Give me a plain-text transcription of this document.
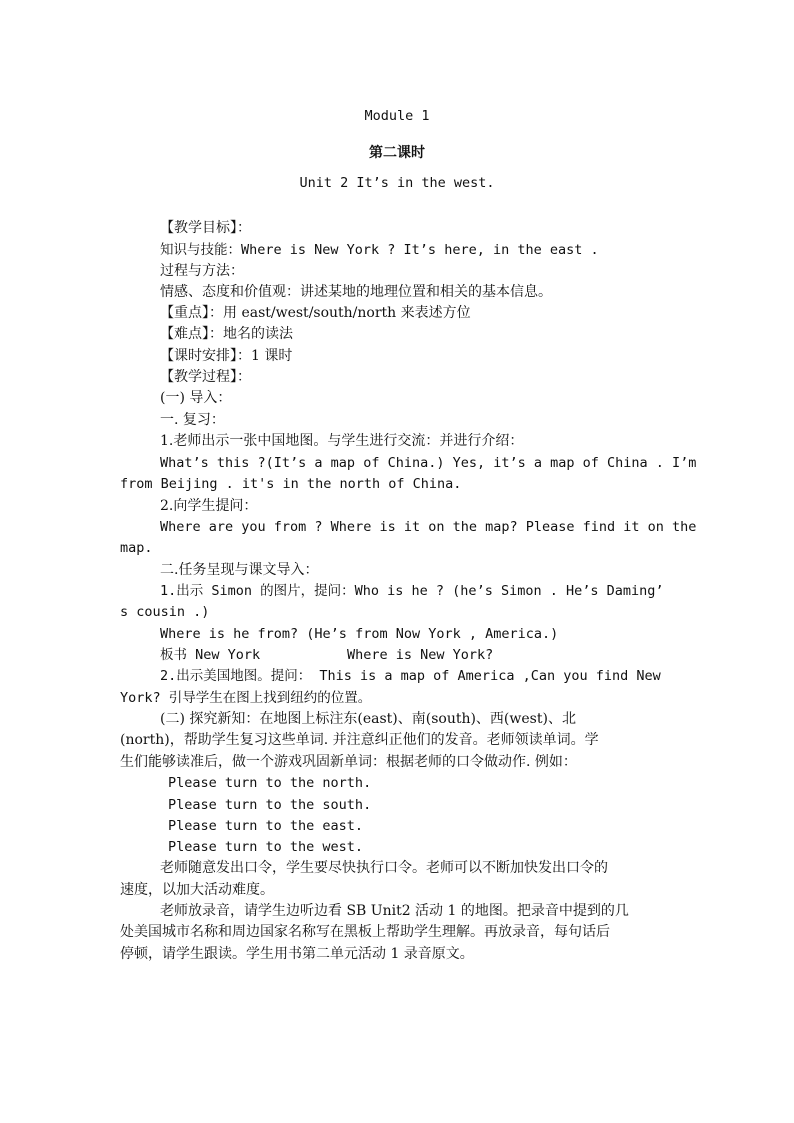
Module 1
第二课时
Unit 2 It’s in the west.
【教学目标】：
知识与技能：Where is New York ? It’s here, in the east .
过程与方法：
情感、态度和价值观：讲述某地的地理位置和相关的基本信息。
【重点】：用 east/west/south/north 来表述方位
【难点】：地名的读法
【课时安排】：1 课时
【教学过程】：
(一) 导入：
一. 复习：
1.老师出示一张中国地图。与学生进行交流：并进行介绍：
What’s this ?(It’s a map of China.) Yes, it’s a map of China . I’m
from Beijing . it's in the north of China.
2.向学生提问：
Where are you from ? Where is it on the map? Please find it on the
map.
二.任务呈现与课文导入：
1.出示 Simon 的图片，提问：Who is he ? (he’s Simon . He’s Daming’
s cousin .)
Where is he from? (He’s from Now York , America.)
板书 New York	Where is New York?
2.出示美国地图。提问： This is a map of America ,Can you find New
York? 引导学生在图上找到纽约的位置。
(二) 探究新知：在地图上标注东(east)、南(south)、西(west)、北
(north)，帮助学生复习这些单词. 并注意纠正他们的发音。老师领读单词。学
生们能够读准后，做一个游戏巩固新单词：根据老师的口令做动作. 例如：
Please turn to the north.
Please turn to the south.
Please turn to the east.
Please turn to the west.
老师随意发出口令，学生要尽快执行口令。老师可以不断加快发出口令的
速度，以加大活动难度。
老师放录音，请学生边听边看 SB Unit2 活动 1 的地图。把录音中提到的几
处美国城市名称和周边国家名称写在黑板上帮助学生理解。再放录音，每句话后
停顿，请学生跟读。学生用书第二单元活动 1 录音原文。
